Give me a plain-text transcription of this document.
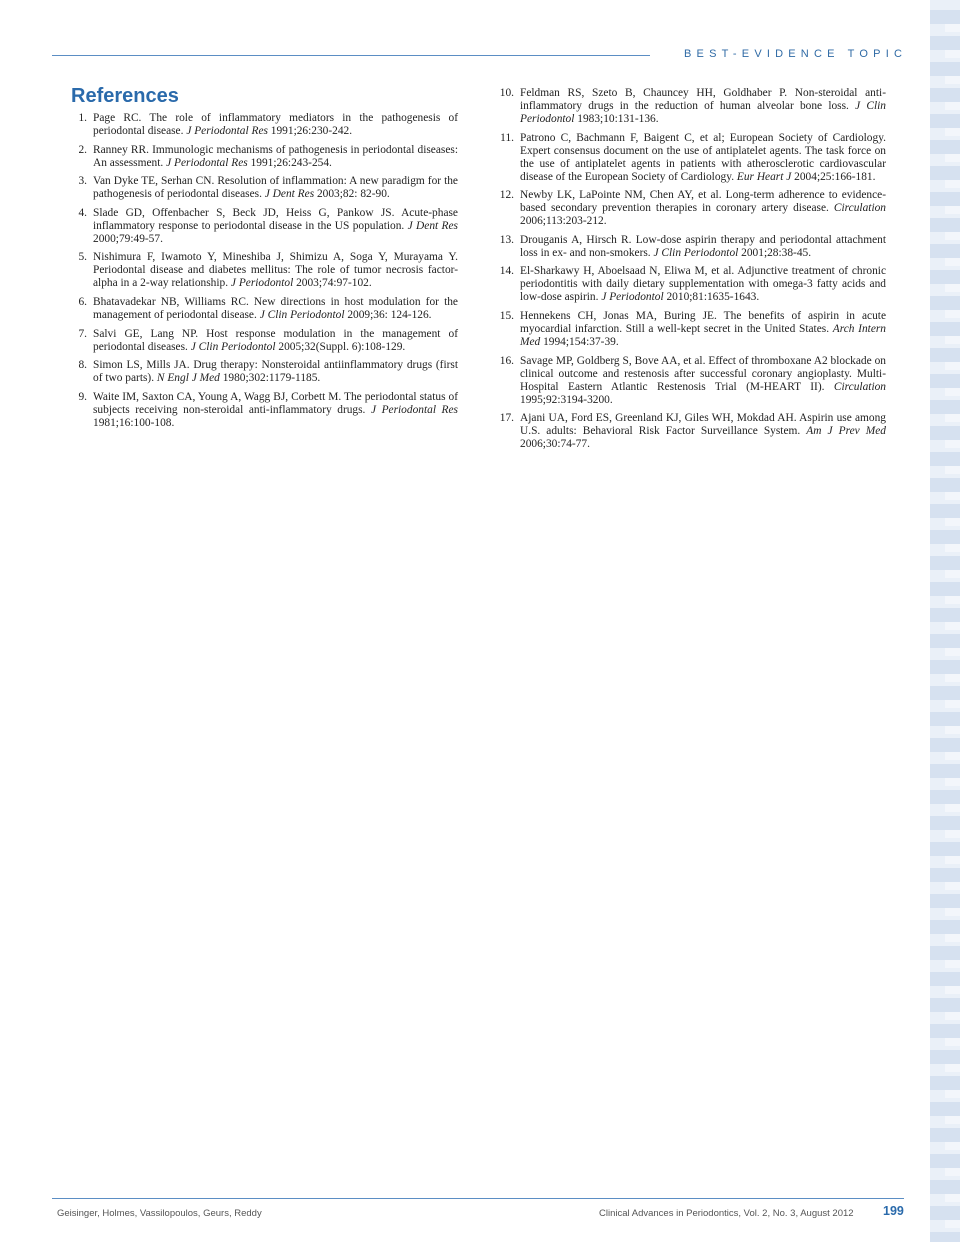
BEST-EVIDENCE TOPIC
References
1. Page RC. The role of inflammatory mediators in the pathogenesis of periodontal disease. J Periodontal Res 1991;26:230-242.
2. Ranney RR. Immunologic mechanisms of pathogenesis in periodontal diseases: An assessment. J Periodontal Res 1991;26:243-254.
3. Van Dyke TE, Serhan CN. Resolution of inflammation: A new paradigm for the pathogenesis of periodontal diseases. J Dent Res 2003;82: 82-90.
4. Slade GD, Offenbacher S, Beck JD, Heiss G, Pankow JS. Acute-phase inflammatory response to periodontal disease in the US population. J Dent Res 2000;79:49-57.
5. Nishimura F, Iwamoto Y, Mineshiba J, Shimizu A, Soga Y, Murayama Y. Periodontal disease and diabetes mellitus: The role of tumor necrosis factor-alpha in a 2-way relationship. J Periodontol 2003;74:97-102.
6. Bhatavadekar NB, Williams RC. New directions in host modulation for the management of periodontal disease. J Clin Periodontol 2009;36: 124-126.
7. Salvi GE, Lang NP. Host response modulation in the management of periodontal diseases. J Clin Periodontol 2005;32(Suppl. 6):108-129.
8. Simon LS, Mills JA. Drug therapy: Nonsteroidal antiinflammatory drugs (first of two parts). N Engl J Med 1980;302:1179-1185.
9. Waite IM, Saxton CA, Young A, Wagg BJ, Corbett M. The periodontal status of subjects receiving non-steroidal anti-inflammatory drugs. J Periodontal Res 1981;16:100-108.
10. Feldman RS, Szeto B, Chauncey HH, Goldhaber P. Non-steroidal anti-inflammatory drugs in the reduction of human alveolar bone loss. J Clin Periodontol 1983;10:131-136.
11. Patrono C, Bachmann F, Baigent C, et al; European Society of Cardiology. Expert consensus document on the use of antiplatelet agents. The task force on the use of antiplatelet agents in patients with atherosclerotic cardiovascular disease of the European Society of Cardiology. Eur Heart J 2004;25:166-181.
12. Newby LK, LaPointe NM, Chen AY, et al. Long-term adherence to evidence-based secondary prevention therapies in coronary artery disease. Circulation 2006;113:203-212.
13. Drouganis A, Hirsch R. Low-dose aspirin therapy and periodontal attachment loss in ex- and non-smokers. J Clin Periodontol 2001;28:38-45.
14. El-Sharkawy H, Aboelsaad N, Eliwa M, et al. Adjunctive treatment of chronic periodontitis with daily dietary supplementation with omega-3 fatty acids and low-dose aspirin. J Periodontol 2010;81:1635-1643.
15. Hennekens CH, Jonas MA, Buring JE. The benefits of aspirin in acute myocardial infarction. Still a well-kept secret in the United States. Arch Intern Med 1994;154:37-39.
16. Savage MP, Goldberg S, Bove AA, et al. Effect of thromboxane A2 blockade on clinical outcome and restenosis after successful coronary angioplasty. Multi-Hospital Eastern Atlantic Restenosis Trial (M-HEART II). Circulation 1995;92:3194-3200.
17. Ajani UA, Ford ES, Greenland KJ, Giles WH, Mokdad AH. Aspirin use among U.S. adults: Behavioral Risk Factor Surveillance System. Am J Prev Med 2006;30:74-77.
Geisinger, Holmes, Vassilopoulos, Geurs, Reddy	Clinical Advances in Periodontics, Vol. 2, No. 3, August 2012 199
